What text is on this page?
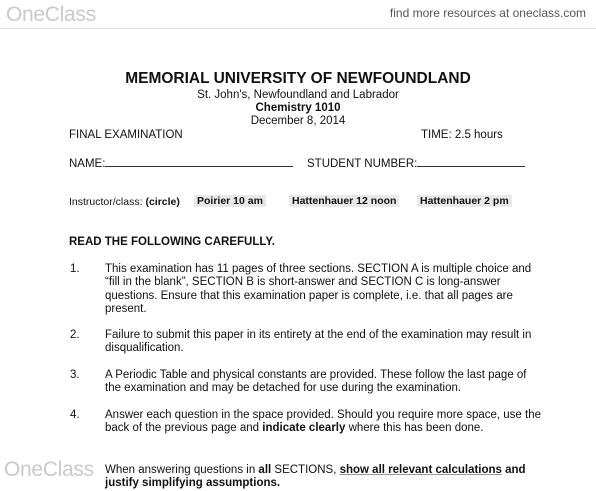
OneClass	find more resources at oneclass.com
MEMORIAL UNIVERSITY OF NEWFOUNDLAND
St. John's, Newfoundland and Labrador
Chemistry 1010
December 8, 2014
FINAL EXAMINATION	TIME: 2.5 hours
NAME:	STUDENT NUMBER:
Instructor/class: (circle) Poirier 10 am	Hattenhauer 12 noon Hattenhauer 2 pm
READ THE FOLLOWING CAREFULLY.
1. This examination has 11 pages of three sections. SECTION A is multiple choice and “fill in the blank”, SECTION B is short-answer and SECTION C is long-answer questions. Ensure that this examination paper is complete, i.e. that all pages are present.
2. Failure to submit this paper in its entirety at the end of the examination may result in disqualification.
3. A Periodic Table and physical constants are provided. These follow the last page of the examination and may be detached for use during the examination.
4. Answer each question in the space provided. Should you require more space, use the back of the previous page and indicate clearly where this has been done.
When answering questions in all SECTIONS, show all relevant calculations and justify simplifying assumptions.
OneClass
